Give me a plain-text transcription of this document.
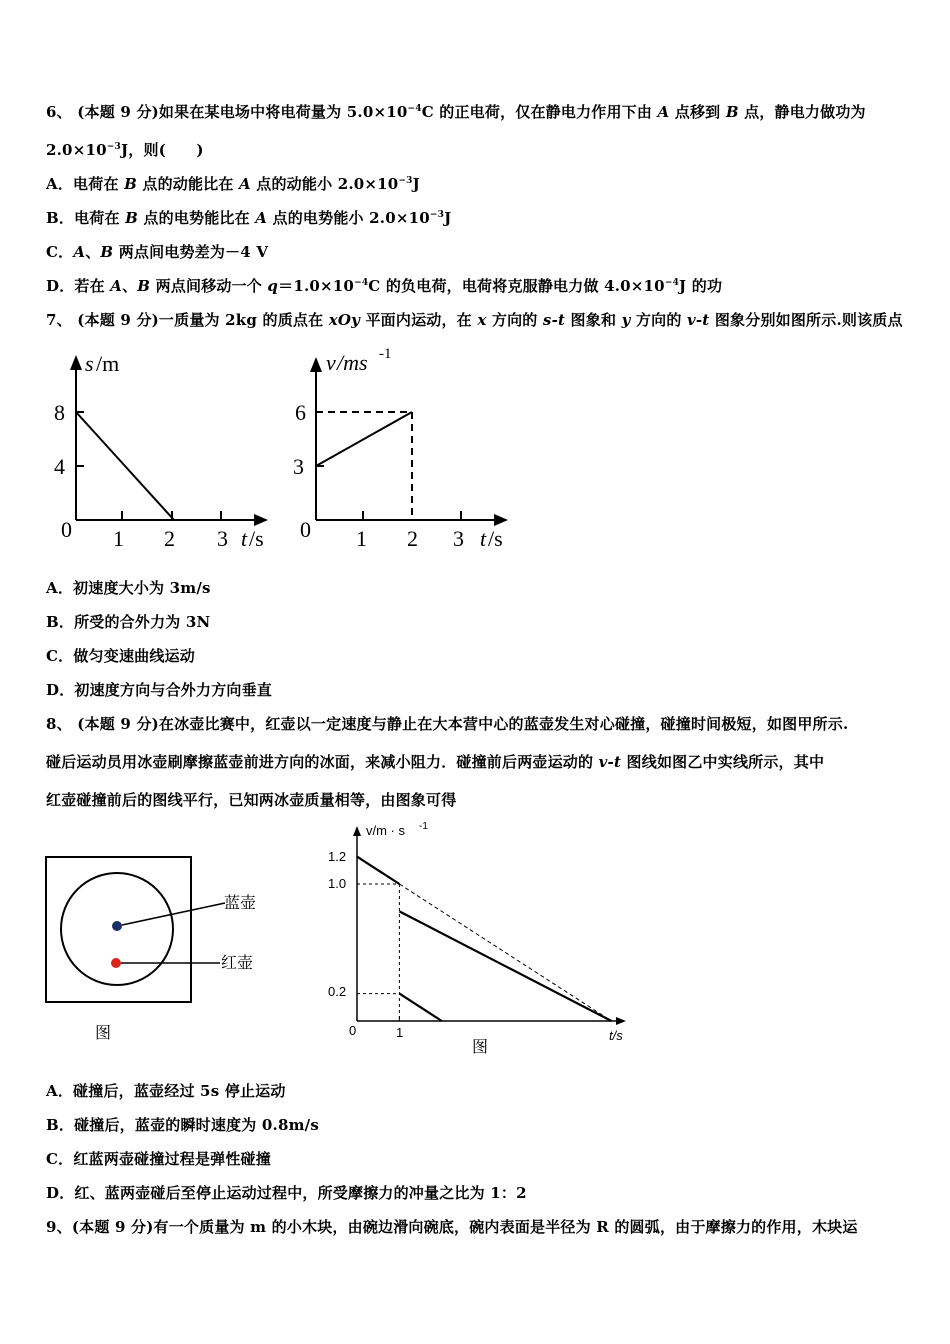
6、 (本题 9 分)如果在某电场中将电荷量为 $5.0\times 10^{-4}C$ 的正电荷，仅在静电力作用下由 A 点移到 B 点，静电力做功为
$2.0\times 10^{-3}J$，则(　　)
A．电荷在 B 点的动能比在 A 点的动能小 $2.0\times 10^{-3}J$
B．电荷在 B 点的电势能比在 A 点的电势能小 $2.0\times 10^{-3}J$
C．A、B 两点间电势差为－4 V
D．若在 A、B 两点间移动一个 $q=1.0\times 10^{-4}C$ 的负电荷，电荷将克服静电力做 $4.0\times 10^{-4}J$ 的功
7、 (本题 9 分)一质量为 2kg 的质点在 xOy 平面内运动，在 x 方向的 s-t 图象和 y 方向的 v-t 图象分别如图所示.则该质点
s /m
8
4
0 1 2 3 t /s
v /ms -1
6
3
0 1 2 3 t /s
A．初速度大小为 3m/s
B．所受的合外力为 3N
C．做匀变速曲线运动
D．初速度方向与合外力方向垂直
8、 (本题 9 分)在冰壶比赛中，红壶以一定速度与静止在大本营中心的蓝壶发生对心碰撞，碰撞时间极短，如图甲所示.
碰后运动员用冰壶刷摩擦蓝壶前进方向的冰面，来减小阻力．碰撞前后两壶运动的 v-t 图线如图乙中实线所示，其中
红壶碰撞前后的图线平行，已知两冰壶质量相等，由图象可得
蓝壶
红壶
图
v/m · s -1
1.2
1.0
0.2
0	1	t/s
图
A．碰撞后，蓝壶经过 5s 停止运动
B．碰撞后，蓝壶的瞬时速度为 0.8m/s
C．红蓝两壶碰撞过程是弹性碰撞
D．红、蓝两壶碰后至停止运动过程中，所受摩擦力的冲量之比为 1：2
9、(本题 9 分)有一个质量为 m 的小木块，由碗边滑向碗底，碗内表面是半径为 R 的圆弧，由于摩擦力的作用，木块运
